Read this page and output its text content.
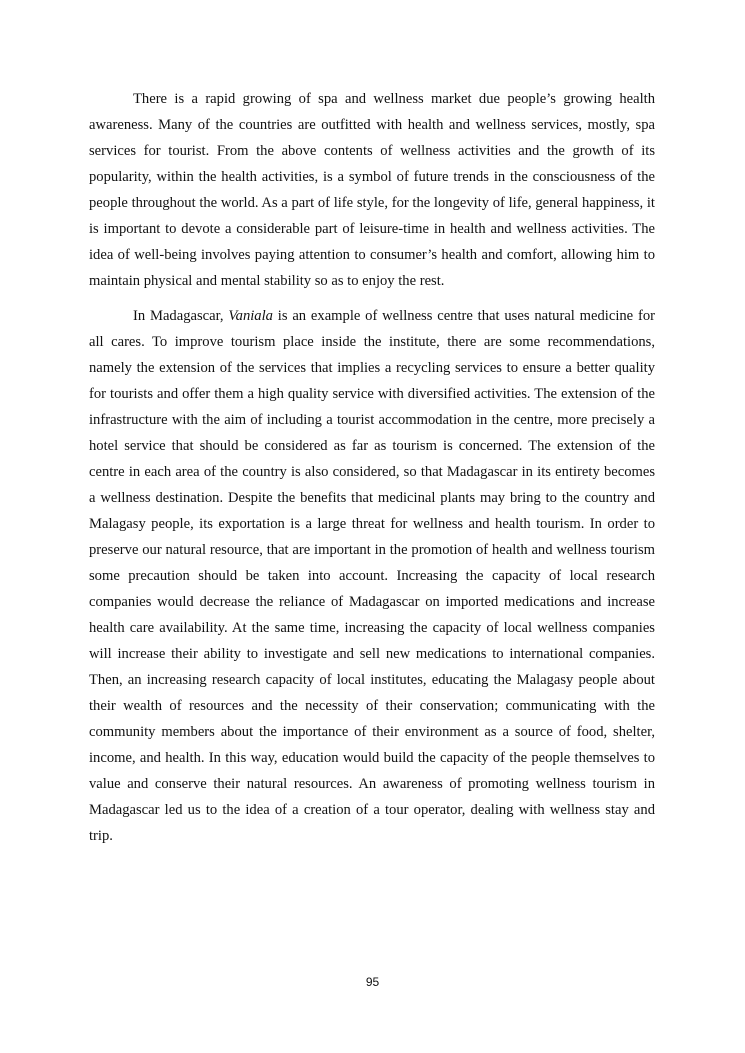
There is a rapid growing of spa and wellness market due people’s growing health awareness. Many of the countries are outfitted with health and wellness services, mostly, spa services for tourist. From the above contents of wellness activities and the growth of its popularity, within the health activities, is a symbol of future trends in the consciousness of the people throughout the world. As a part of life style, for the longevity of life, general happiness, it is important to devote a considerable part of leisure-time in health and wellness activities. The idea of well-being involves paying attention to consumer’s health and comfort, allowing him to maintain physical and mental stability so as to enjoy the rest.

In Madagascar, Vaniala is an example of wellness centre that uses natural medicine for all cares. To improve tourism place inside the institute, there are some recommendations, namely the extension of the services that implies a recycling services to ensure a better quality for tourists and offer them a high quality service with diversified activities. The extension of the infrastructure with the aim of including a tourist accommodation in the centre, more precisely a hotel service that should be considered as far as tourism is concerned. The extension of the centre in each area of the country is also considered, so that Madagascar in its entirety becomes a wellness destination. Despite the benefits that medicinal plants may bring to the country and Malagasy people, its exportation is a large threat for wellness and health tourism. In order to preserve our natural resource, that are important in the promotion of health and wellness tourism some precaution should be taken into account. Increasing the capacity of local research companies would decrease the reliance of Madagascar on imported medications and increase health care availability. At the same time, increasing the capacity of local wellness companies will increase their ability to investigate and sell new medications to international companies. Then, an increasing research capacity of local institutes, educating the Malagasy people about their wealth of resources and the necessity of their conservation; communicating with the community members about the importance of their environment as a source of food, shelter, income, and health. In this way, education would build the capacity of the people themselves to value and conserve their natural resources. An awareness of promoting wellness tourism in Madagascar led us to the idea of a creation of a tour operator, dealing with wellness stay and trip.

95
